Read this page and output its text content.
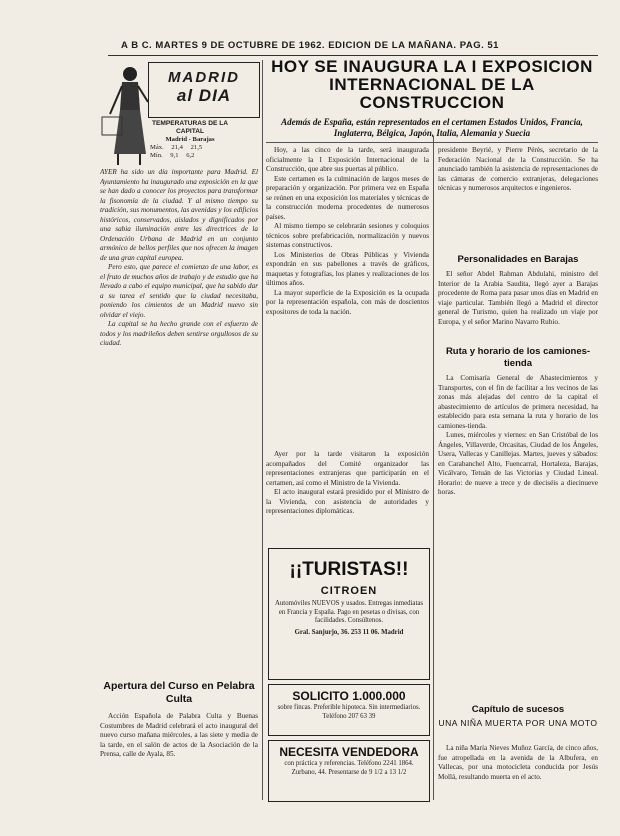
A B C. MARTES 9 DE OCTUBRE DE 1962. EDICION DE LA MAÑANA. PAG. 51
MADRID
al DIA
TEMPERATURAS DE LA CAPITAL
Madrid - Barajas
Máx. 21,4 21,5
Mín. 9,1 6,2

AYER ha sido un día importante para Madrid. El Ayuntamiento ha inaugurado una exposición en la que se han dado a conocer los proyectos para transformar la fisonomía de la ciudad. Y al mismo tiempo su tradición, sus monumentos, las avenidas y los edificios históricos, conservados, aislados y dignificados por una sabia iluminación entre las directrices de la Ordenación Urbana de Madrid en un conjunto armónico de bellos perfiles que nos ofrecen la imagen de una gran capital europea.

Pero esto, que parece el comienzo de una labor, es el fruto de muchos años de trabajo y de estudio que ha llevado a cabo el equipo municipal, que ha sabido dar a su tarea el sentido que la ciudad necesitaba, poniendo los cimientos de un Madrid nuevo sin olvidar el viejo.

La capital se ha hecho grande con el esfuerzo de todos y los madrileños deben sentirse orgullosos de su ciudad.

Apertura del Curso en Pelabra Culta
Acción Española de Palabra Culta y Buenas Costumbres de Madrid celebrará el acto inaugural del nuevo curso mañana miércoles, a las siete y media de la tarde, en el salón de actos de la Asociación de la Prensa, calle de Ayala, 85.
HOY SE INAUGURA LA I EXPOSICION INTERNACIONAL DE LA CONSTRUCCION
Además de España, están representados en el certamen Estados Unidos, Francia, Inglaterra, Bélgica, Japón, Italia, Alemania y Suecia

Hoy, a las cinco de la tarde, será inaugurada oficialmente la I Exposición Internacional de la Construcción, que abre sus puertas al público.

Este certamen es la culminación de largos meses de preparación y organización. Por primera vez en España se reúnen en una exposición los materiales y técnicas de la construcción moderna procedentes de numerosos países.

Al mismo tiempo se celebrarán sesiones y coloquios técnicos sobre prefabricación, normalización y nuevos sistemas constructivos.

Los Ministerios de Obras Públicas y Vivienda expondrán en sus pabellones a través de gráficos, maquetas y fotografías, los planes y realizaciones de los últimos años.

La mayor superficie de la Exposición es la ocupada por la representación española, con más de doscientos expositores de toda la nación.

Ayer por la tarde visitaron la exposición acompañados del Comité organizador las representaciones extranjeras que participarán en el certamen, así como el Ministro de la Vivienda.

El acto inaugural estará presidido por el Ministro de la Vivienda, con asistencia de autoridades y representaciones diplomáticas.

¡¡TURISTAS!!
CITROEN
Automóviles NUEVOS y usados. Entregas inmediatas en Francia y España. Pago en pesetas o divisas, con facilidades. Consúltenos.
Gral. Sanjurjo, 36. 253 11 06. Madrid
SOLICITO 1.000.000
sobre fincas. Preferible hipoteca. Sin intermediarios. Teléfono 207 63 39
NECESITA VENDEDORA
con práctica y referencias. Teléfono 2241 1864. Zurbano, 44. Presentarse de 9 1/2 a 13 1/2
presidente Beyrié, y Pierre Pérès, secretario de la Federación Nacional de la Construcción. Se ha anunciado también la asistencia de representaciones de las cámaras de comercio extranjeras, delegaciones técnicas y numerosos arquitectos e ingenieros.
Personalidades en Barajas
El señor Abdel Rahman Abdulahi, ministro del Interior de la Arabia Saudita, llegó ayer a Barajas procedente de Roma para pasar unos días en Madrid en viaje particular. También llegó a Madrid el director general de Turismo, quien ha realizado un viaje por Europa, y el señor Marino Navarro Rubio.
Ruta y horario de los camiones-tienda

La Comisaría General de Abastecimientos y Transportes, con el fin de facilitar a los vecinos de las zonas más alejadas del centro de la capital el abastecimiento de artículos de primera necesidad, ha establecido para esta semana la ruta y horario de los camiones-tienda.

Lunes, miércoles y viernes: en San Cristóbal de los Ángeles, Villaverde, Orcasitas, Ciudad de los Ángeles, Usera, Vallecas y Canillejas. Martes, jueves y sábados: en Carabanchel Alto, Fuencarral, Hortaleza, Barajas, Vicálvaro, Tetuán de las Victorias y Ciudad Lineal. Horario: de nueve a trece y de dieciséis a diecinueve horas.

Capítulo de sucesos
UNA NIÑA MUERTA POR UNA MOTO
La niña María Nieves Muñoz García, de cinco años, fue atropellada en la avenida de la Albufera, en Vallecas, por una motocicleta conducida por Jesús Mollá, resultando muerta en el acto.
